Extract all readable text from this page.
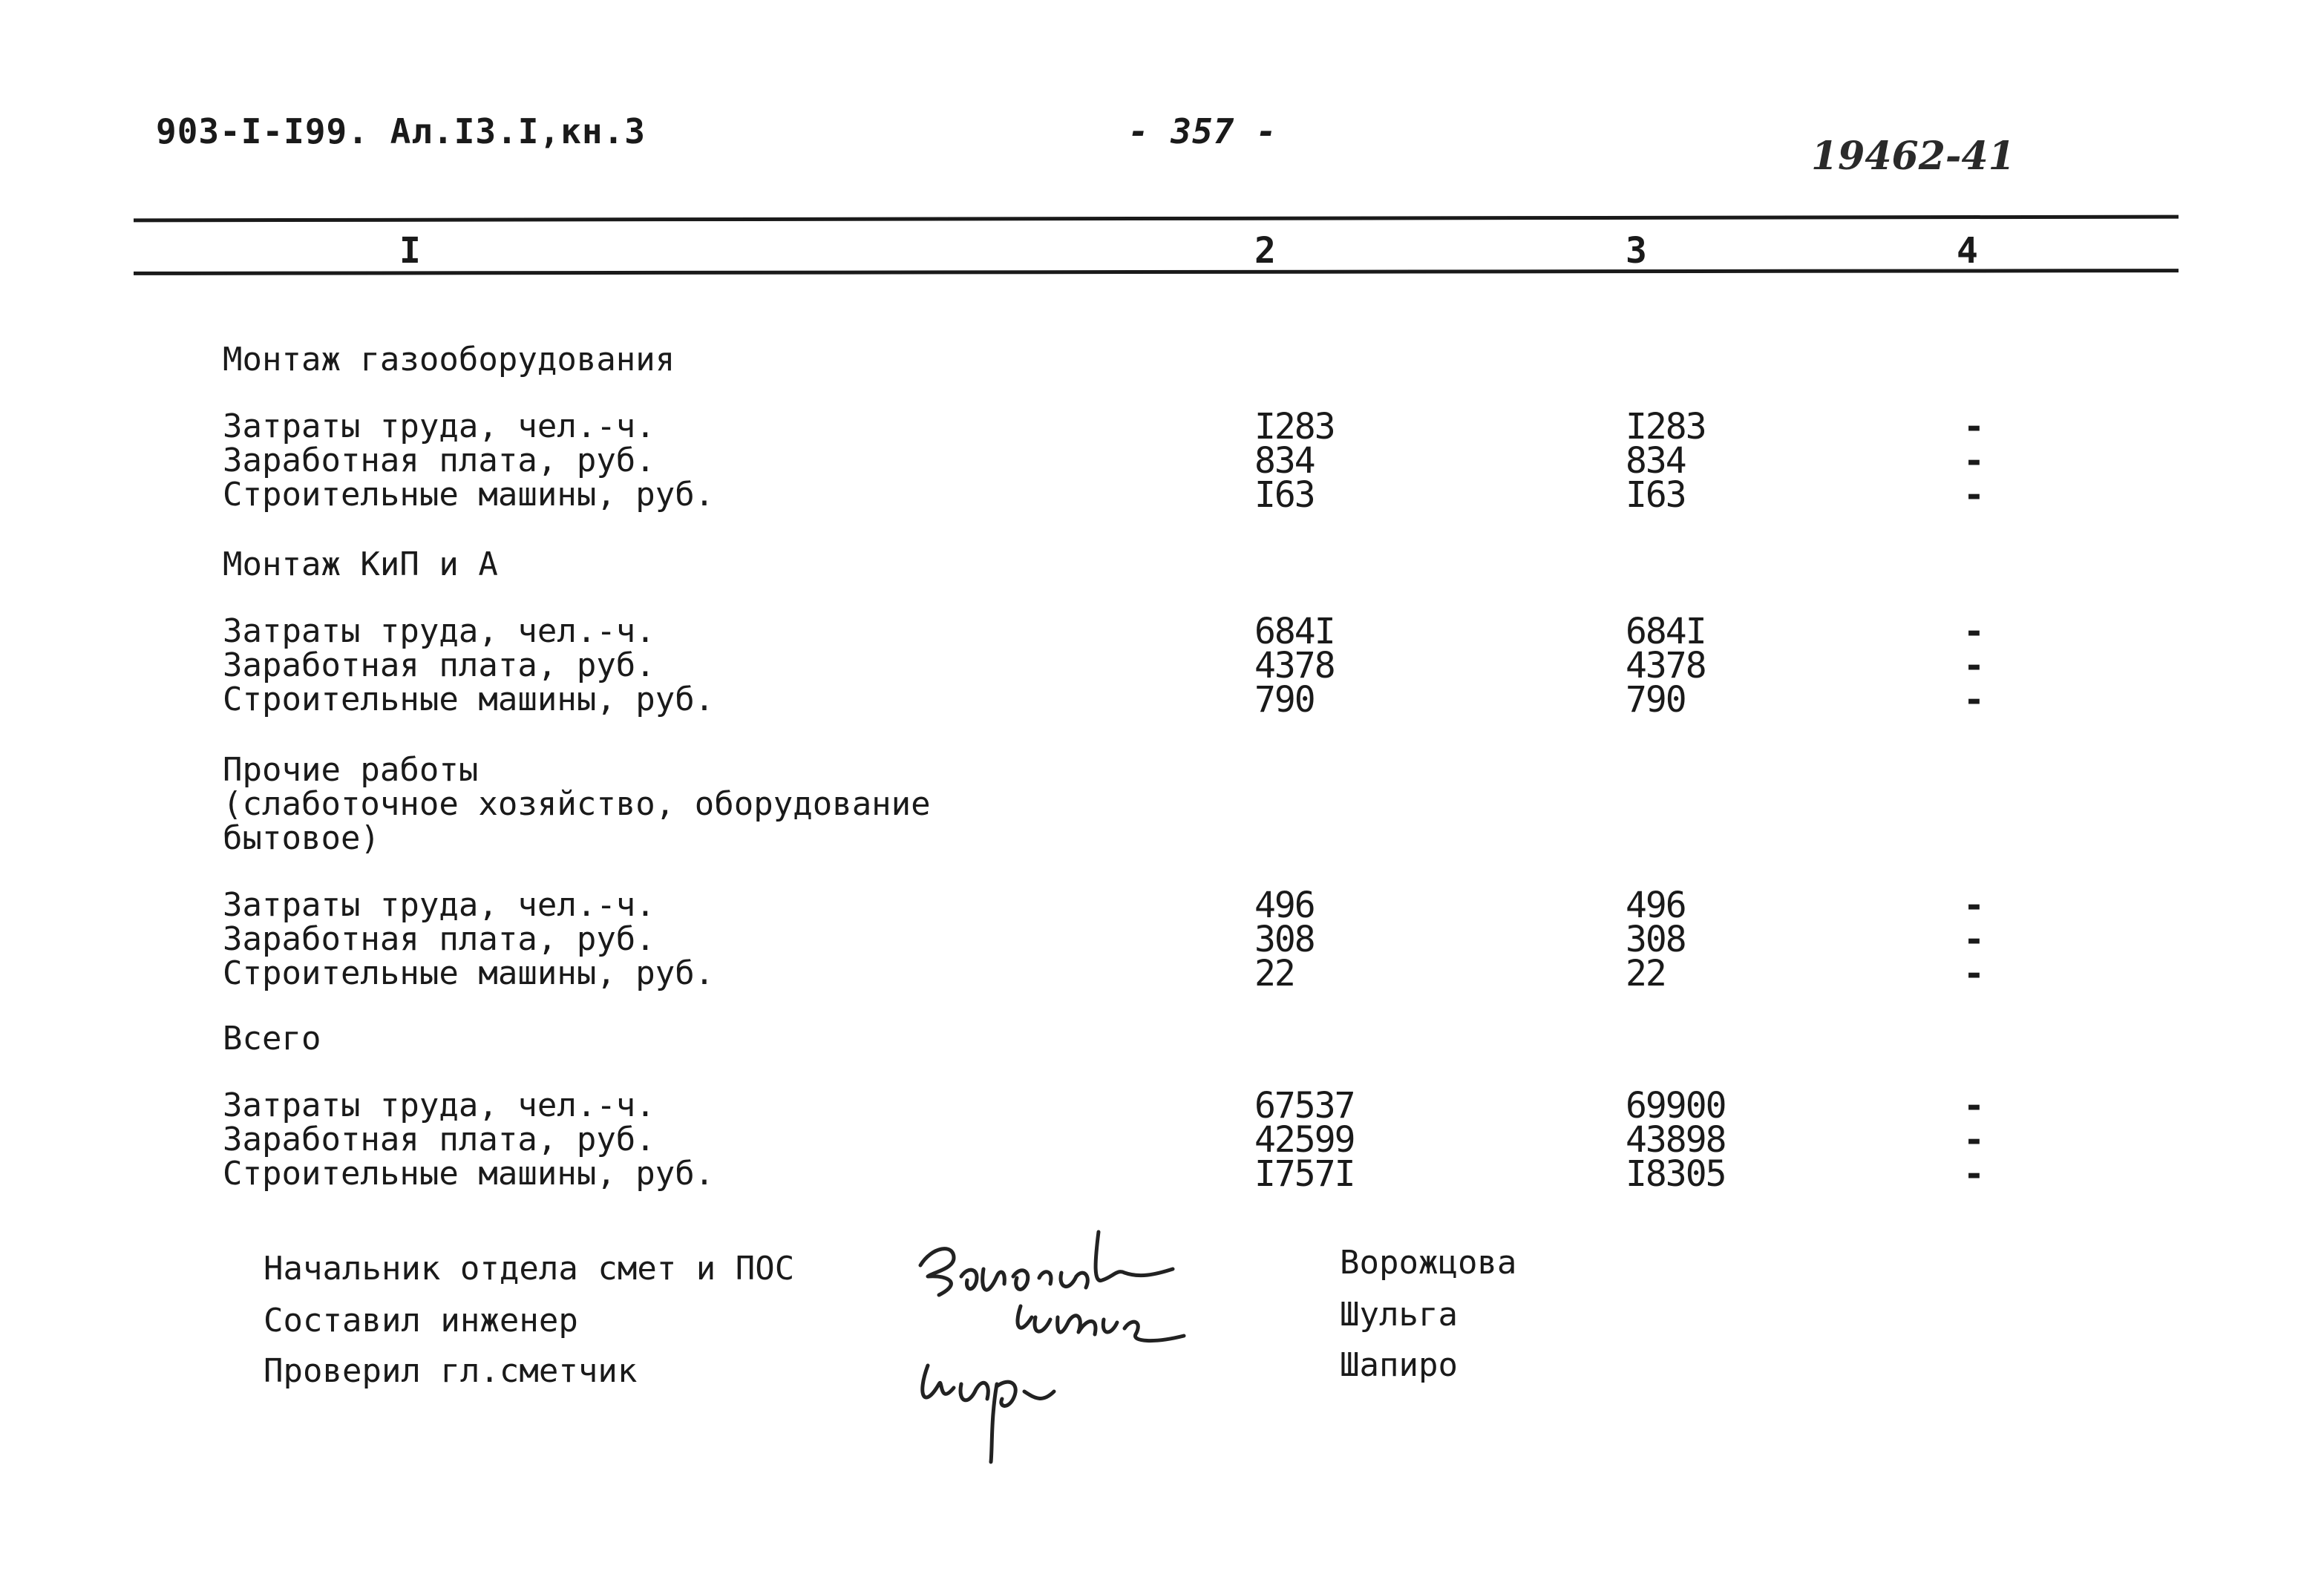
903-I-I99. Ал.I3.I,кн.3	- 357 -
19462-41
I	2	3	4
Монтаж газооборудования
Затраты труда, чел.-ч.	I283	I283	-
Заработная плата, руб.	834	834	-
Строительные машины, руб.	I63	I63	-
Монтаж КиП и А
Затраты труда, чел.-ч.	684I	684I	-
Заработная плата, руб.	4378	4378	-
Строительные машины, руб.	790	790	-
Прочие работы
(слаботочное хозяйство, оборудование
бытовое)
Затраты труда, чел.-ч.	496	496	-
Заработная плата, руб.	308	308	-
Строительные машины, руб.	22	22	-
Всего
Затраты труда, чел.-ч.	67537	69900	-
Заработная плата, руб.	42599	43898	-
Строительные машины, руб.	I757I	I8305	-
Начальник отдела смет и ПОС	Ворожцова
Составил инженер	Шульга
Проверил гл.сметчик	Шапиро
